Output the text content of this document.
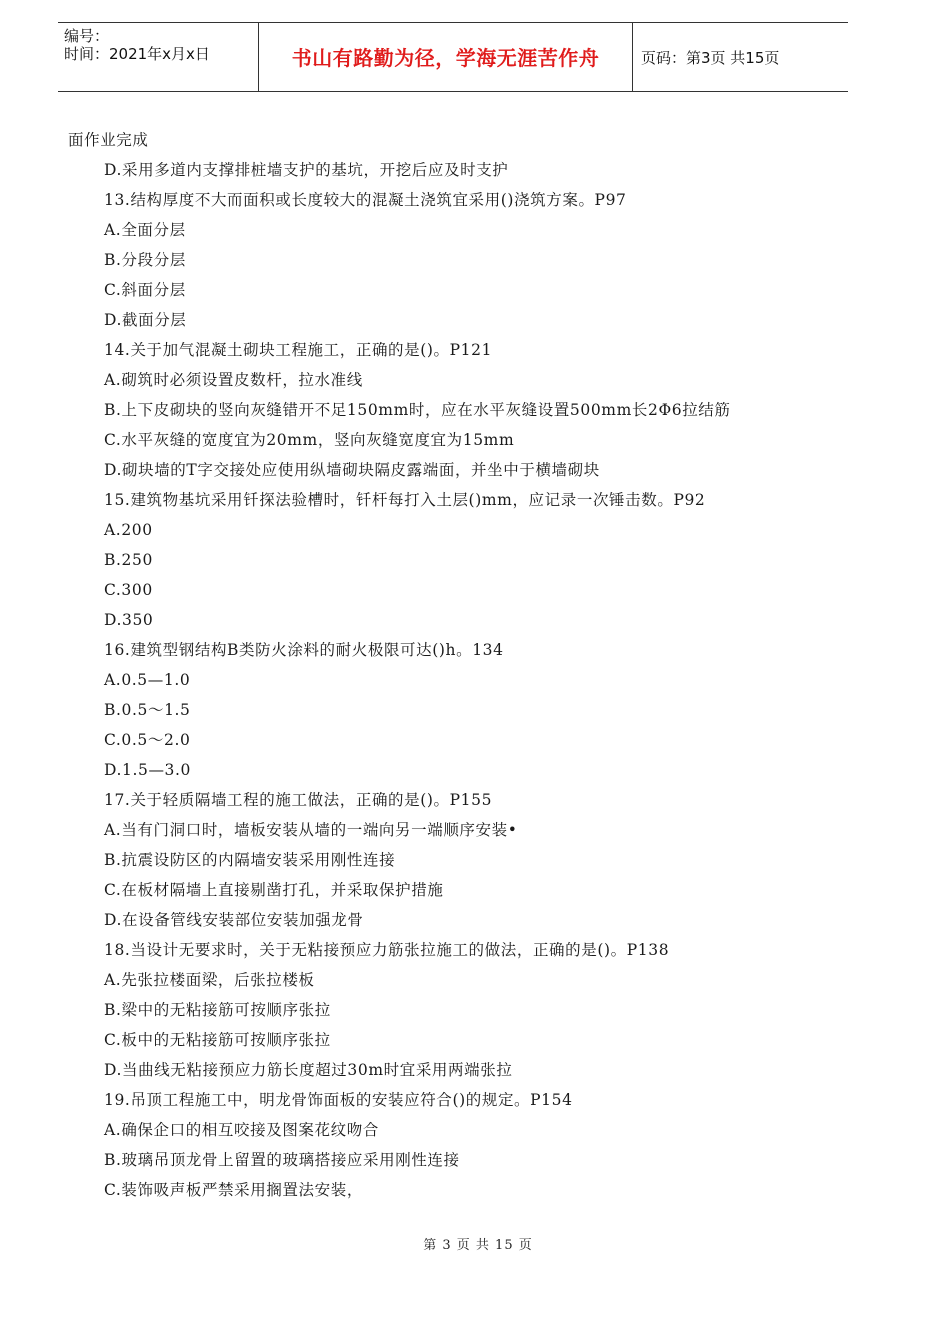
编号：
时间：2021年x月x日	书山有路勤为径，学海无涯苦作舟	页码：第3页 共15页
面作业完成
D.采用多道内支撑排桩墙支护的基坑，开挖后应及时支护
13.结构厚度不大而面积或长度较大的混凝土浇筑宜采用()浇筑方案。P97
A.全面分层
B.分段分层
C.斜面分层
D.截面分层
14.关于加气混凝土砌块工程施工，正确的是()。P121
A.砌筑时必须设置皮数杆，拉水准线
B.上下皮砌块的竖向灰缝错开不足150mm时，应在水平灰缝设置500mm长2Φ6拉结筋
C.水平灰缝的宽度宜为20mm，竖向灰缝宽度宜为15mm
D.砌块墙的T字交接处应使用纵墙砌块隔皮露端面，并坐中于横墙砌块
15.建筑物基坑采用钎探法验槽时，钎杆每打入土层()mm，应记录一次锤击数。P92
A.200
B.250
C.300
D.350
16.建筑型钢结构B类防火涂料的耐火极限可达()h。134
A.0.5—1.0
B.0.5～1.5
C.0.5～2.0
D.1.5—3.0
17.关于轻质隔墙工程的施工做法，正确的是()。P155
A.当有门洞口时，墙板安装从墙的一端向另一端顺序安装•
B.抗震设防区的内隔墙安装采用刚性连接
C.在板材隔墙上直接剔凿打孔，并采取保护措施
D.在设备管线安装部位安装加强龙骨
18.当设计无要求时，关于无粘接预应力筋张拉施工的做法，正确的是()。P138
A.先张拉楼面梁，后张拉楼板
B.梁中的无粘接筋可按顺序张拉
C.板中的无粘接筋可按顺序张拉
D.当曲线无粘接预应力筋长度超过30m时宜采用两端张拉
19.吊顶工程施工中，明龙骨饰面板的安装应符合()的规定。P154
A.确保企口的相互咬接及图案花纹吻合
B.玻璃吊顶龙骨上留置的玻璃搭接应采用刚性连接
C.装饰吸声板严禁采用搁置法安装，
第 3 页 共 15 页
